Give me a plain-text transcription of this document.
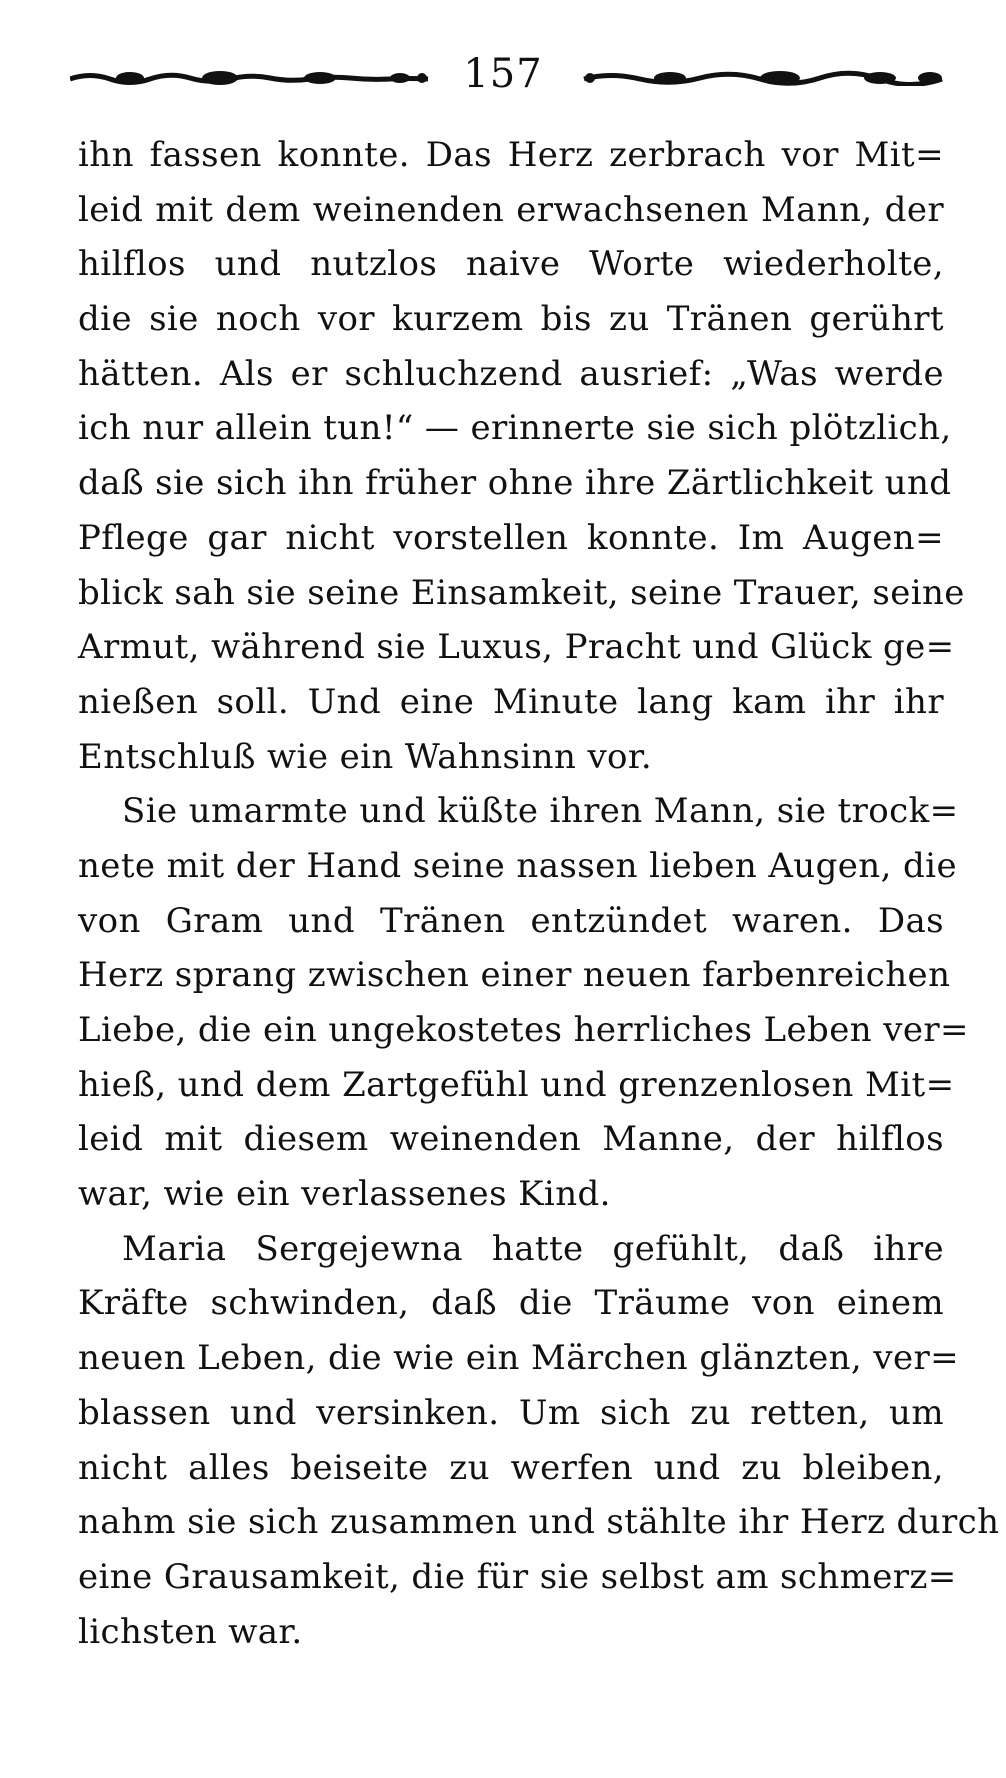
157
ihn fassen konnte. Das Herz zerbrach vor Mit=
leid mit dem weinenden erwachsenen Mann, der
hilflos und nutzlos naive Worte wiederholte,
die sie noch vor kurzem bis zu Tränen gerührt
hätten. Als er schluchzend ausrief: „Was werde
ich nur allein tun!“ — erinnerte sie sich plötzlich,
daß sie sich ihn früher ohne ihre Zärtlichkeit und
Pflege gar nicht vorstellen konnte. Im Augen=
blick sah sie seine Einsamkeit, seine Trauer, seine
Armut, während sie Luxus, Pracht und Glück ge=
nießen soll. Und eine Minute lang kam ihr ihr
Entschluß wie ein Wahnsinn vor.
Sie umarmte und küßte ihren Mann, sie trock=
nete mit der Hand seine nassen lieben Augen, die
von Gram und Tränen entzündet waren. Das
Herz sprang zwischen einer neuen farbenreichen
Liebe, die ein ungekostetes herrliches Leben ver=
hieß, und dem Zartgefühl und grenzenlosen Mit=
leid mit diesem weinenden Manne, der hilflos
war, wie ein verlassenes Kind.
Maria Sergejewna hatte gefühlt, daß ihre
Kräfte schwinden, daß die Träume von einem
neuen Leben, die wie ein Märchen glänzten, ver=
blassen und versinken. Um sich zu retten, um
nicht alles beiseite zu werfen und zu bleiben,
nahm sie sich zusammen und stählte ihr Herz durch
eine Grausamkeit, die für sie selbst am schmerz=
lichsten war.
